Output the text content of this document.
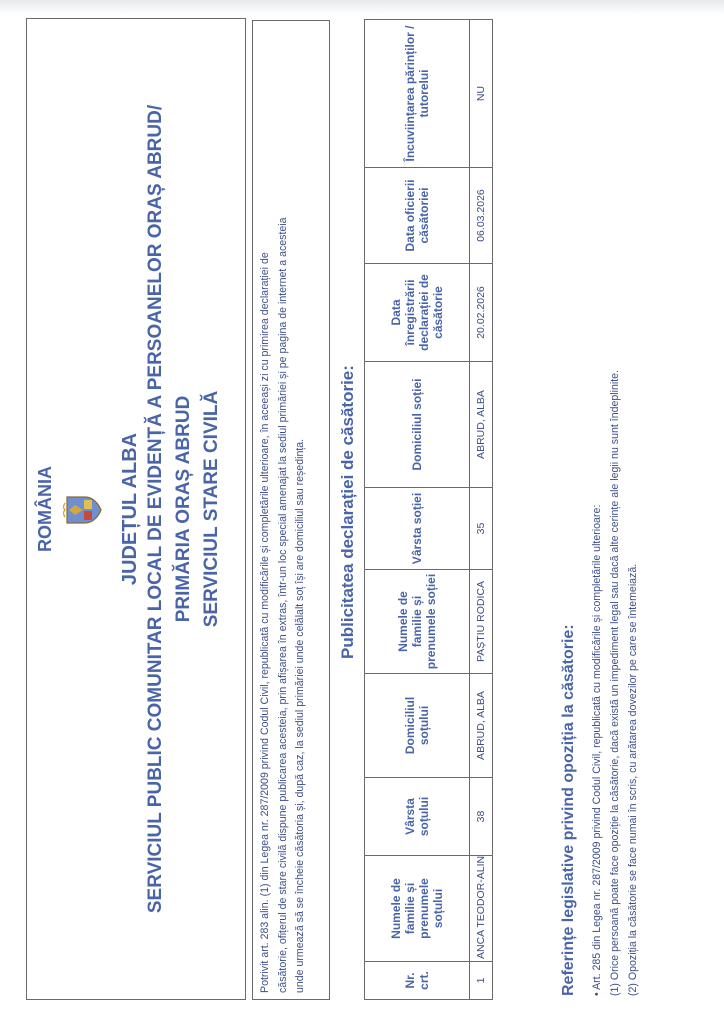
ROMÂNIA	JUDEȚUL ALBA SERVICIUL PUBLIC COMUNITAR LOCAL DE EVIDENȚĂ A PERSOANELOR ORAȘ ABRUD/ PRIMĂRIA ORAȘ ABRUD SERVICIUL STARE CIVILĂ	Potrivit art. 283 alin. (1) din Legea nr. 287/2009 privind Codul Civil, republicată cu modificările și completările ulterioare, în aceeași zi cu primirea declarației de căsătorie, ofițerul de stare civilă dispune publicarea acesteia, prin afișarea în extras, într-un loc special amenajat la sediul primăriei și pe pagina de internet a acesteia unde urmează să se încheie căsătoria și, după caz, la sediul primăriei unde celălalt soț își are domiciliul sau reședința. Publicitatea declarației de căsătorie:
Nr. crt.	Numele de familie și prenumele soțului	Vârsta soțului	Domiciliul soțului	Numele de familie și prenumele soției	Vârsta soției	Domiciliul soției	Data înregistrării declarației de căsătorie	Data oficierii căsătoriei	Încuviințarea părinților / tutorelui
1	ANCA TEODOR-ALIN	38	ABRUD, ALBA	PAȘTIU RODICA	35	ABRUD, ALBA	20.02.2026	06.03.2026	NU
Referințe legislative privind opoziția la căsătorie: • Art. 285 din Legea nr. 287/2009 privind Codul Civil, republicată cu modificările și completările ulterioare: (1) Orice persoană poate face opoziție la căsătorie, dacă există un impediment legal sau dacă alte cerințe ale legii nu sunt îndeplinite. (2) Opoziția la căsătorie se face numai în scris, cu arătarea dovezilor pe care se întemeiază.
